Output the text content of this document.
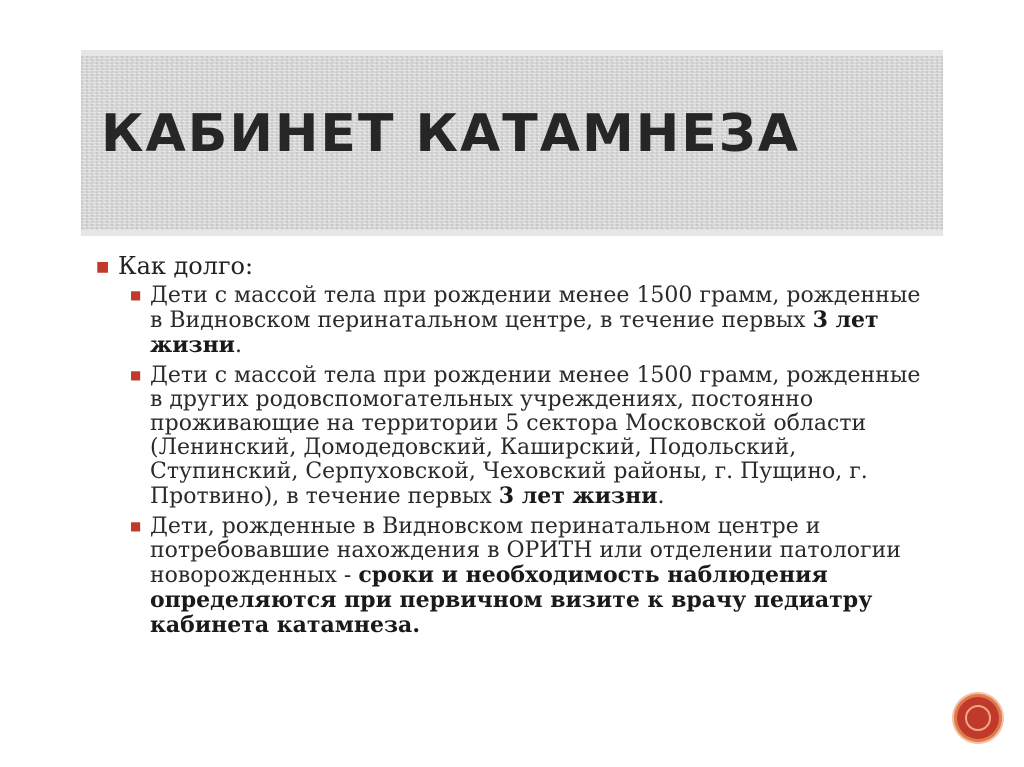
КАБИНЕТ КАТАМНЕЗА
■ Как долго:
■ Дети с массой тела при рождении менее 1500 грамм, рожденные в Видновском перинатальном центре, в течение первых 3 лет жизни.
■ Дети с массой тела при рождении менее 1500 грамм, рожденные в других родовспомогательных учреждениях, постоянно проживающие на территории 5 сектора Московской области (Ленинский, Домодедовский, Каширский, Подольский, Ступинский, Серпуховской, Чеховский районы, г. Пущино, г. Протвино), в течение первых 3 лет жизни.
■ Дети, рожденные в Видновском перинатальном центре и потребовавшие нахождения в ОРИТН или отделении патологии новорожденных - сроки и необходимость наблюдения определяются при первичном визите к врачу педиатру кабинета катамнеза.
